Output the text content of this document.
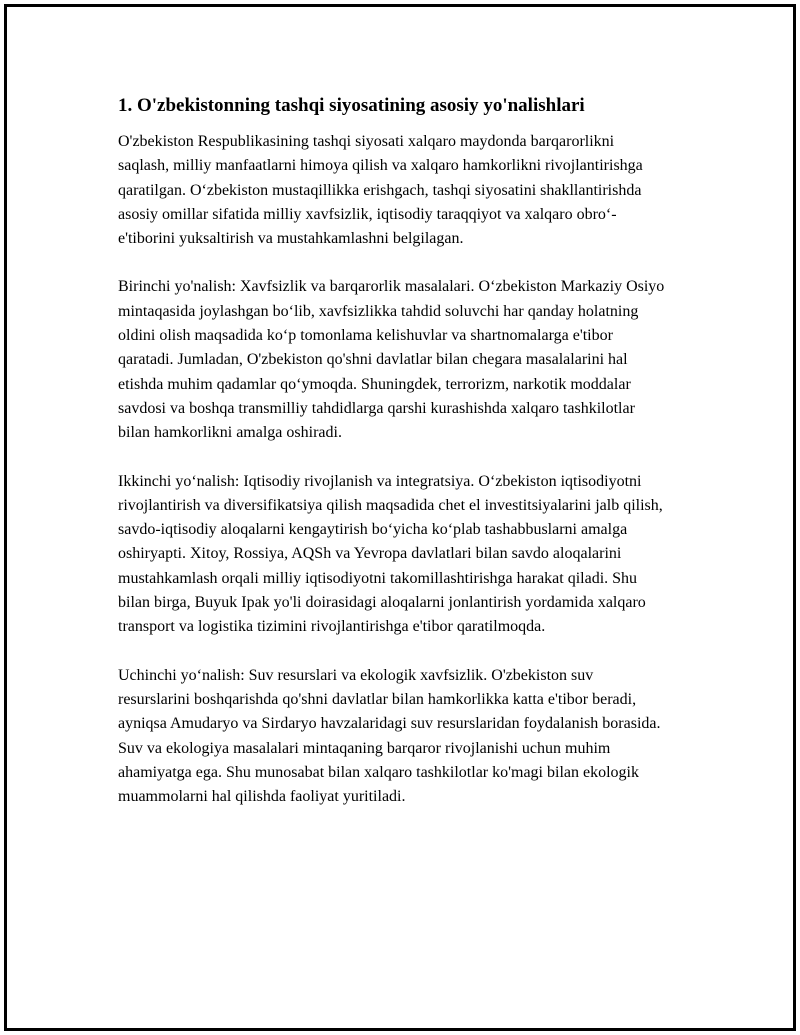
1. O'zbekistonning tashqi siyosatining asosiy yo'nalishlari

O'zbekiston Respublikasining tashqi siyosati xalqaro maydonda barqarorlikni saqlash, milliy manfaatlarni himoya qilish va xalqaro hamkorlikni rivojlantirishga qaratilgan. O‘zbekiston mustaqillikka erishgach, tashqi siyosatini shakllantirishda asosiy omillar sifatida milliy xavfsizlik, iqtisodiy taraqqiyot va xalqaro obro‘-e'tiborini yuksaltirish va mustahkamlashni belgilagan.

Birinchi yo'nalish: Xavfsizlik va barqarorlik masalalari. O‘zbekiston Markaziy Osiyo mintaqasida joylashgan bo‘lib, xavfsizlikka tahdid soluvchi har qanday holatning oldini olish maqsadida ko‘p tomonlama kelishuvlar va shartnomalarga e'tibor qaratadi. Jumladan, O'zbekiston qo'shni davlatlar bilan chegara masalalarini hal etishda muhim qadamlar qo‘ymoqda. Shuningdek, terrorizm, narkotik moddalar savdosi va boshqa transmilliy tahdidlarga qarshi kurashishda xalqaro tashkilotlar bilan hamkorlikni amalga oshiradi.

Ikkinchi yo‘nalish: Iqtisodiy rivojlanish va integratsiya. O‘zbekiston iqtisodiyotni rivojlantirish va diversifikatsiya qilish maqsadida chet el investitsiyalarini jalb qilish, savdo-iqtisodiy aloqalarni kengaytirish bo‘yicha ko‘plab tashabbuslarni amalga oshiryapti. Xitoy, Rossiya, AQSh va Yevropa davlatlari bilan savdo aloqalarini mustahkamlash orqali milliy iqtisodiyotni takomillashtirishga harakat qiladi. Shu bilan birga, Buyuk Ipak yo'li doirasidagi aloqalarni jonlantirish yordamida xalqaro transport va logistika tizimini rivojlantirishga e'tibor qaratilmoqda.

Uchinchi yo‘nalish: Suv resurslari va ekologik xavfsizlik. O'zbekiston suv resurslarini boshqarishda qo'shni davlatlar bilan hamkorlikka katta e'tibor beradi, ayniqsa Amudaryo va Sirdaryo havzalaridagi suv resurslaridan foydalanish borasida. Suv va ekologiya masalalari mintaqaning barqaror rivojlanishi uchun muhim ahamiyatga ega. Shu munosabat bilan xalqaro tashkilotlar ko'magi bilan ekologik muammolarni hal qilishda faoliyat yuritiladi.
